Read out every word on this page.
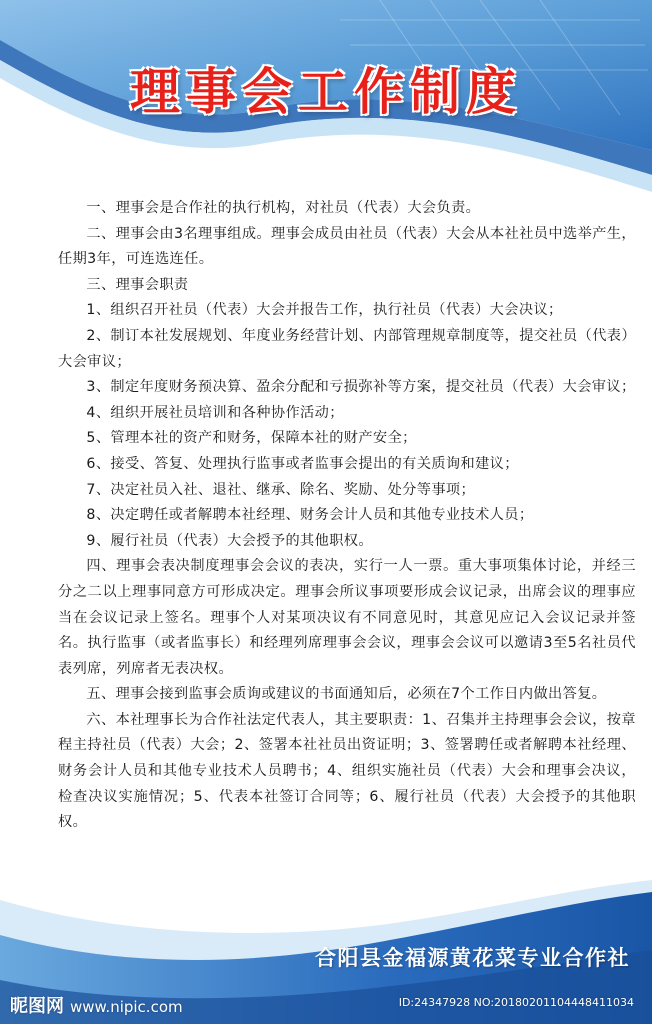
理事会工作制度

一、理事会是合作社的执行机构，对社员（代表）大会负责。

二、理事会由3名理事组成。理事会成员由社员（代表）大会从本社社员中选举产生，任期3年，可连选连任。

三、理事会职责

1、组织召开社员（代表）大会并报告工作，执行社员（代表）大会决议；

2、制订本社发展规划、年度业务经营计划、内部管理规章制度等，提交社员（代表）大会审议；

3、制定年度财务预决算、盈余分配和亏损弥补等方案，提交社员（代表）大会审议；

4、组织开展社员培训和各种协作活动；

5、管理本社的资产和财务，保障本社的财产安全；

6、接受、答复、处理执行监事或者监事会提出的有关质询和建议；

7、决定社员入社、退社、继承、除名、奖励、处分等事项；

8、决定聘任或者解聘本社经理、财务会计人员和其他专业技术人员；

9、履行社员（代表）大会授予的其他职权。

四、理事会表决制度理事会会议的表决，实行一人一票。重大事项集体讨论，并经三分之二以上理事同意方可形成决定。理事会所议事项要形成会议记录，出席会议的理事应当在会议记录上签名。理事个人对某项决议有不同意见时，其意见应记入会议记录并签名。执行监事（或者监事长）和经理列席理事会会议，理事会会议可以邀请3至5名社员代表列席，列席者无表决权。

五、理事会接到监事会质询或建议的书面通知后，必须在7个工作日内做出答复。

六、本社理事长为合作社法定代表人，其主要职责：1、召集并主持理事会会议，按章程主持社员（代表）大会；2、签署本社社员出资证明；3、签署聘任或者解聘本社经理、财务会计人员和其他专业技术人员聘书；4、组织实施社员（代表）大会和理事会决议，检查决议实施情况；5、代表本社签订合同等；6、履行社员（代表）大会授予的其他职权。

合阳县金福源黄花菜专业合作社
昵图网 www.nipic.com	ID:24347928 NO:20180201104448411034
